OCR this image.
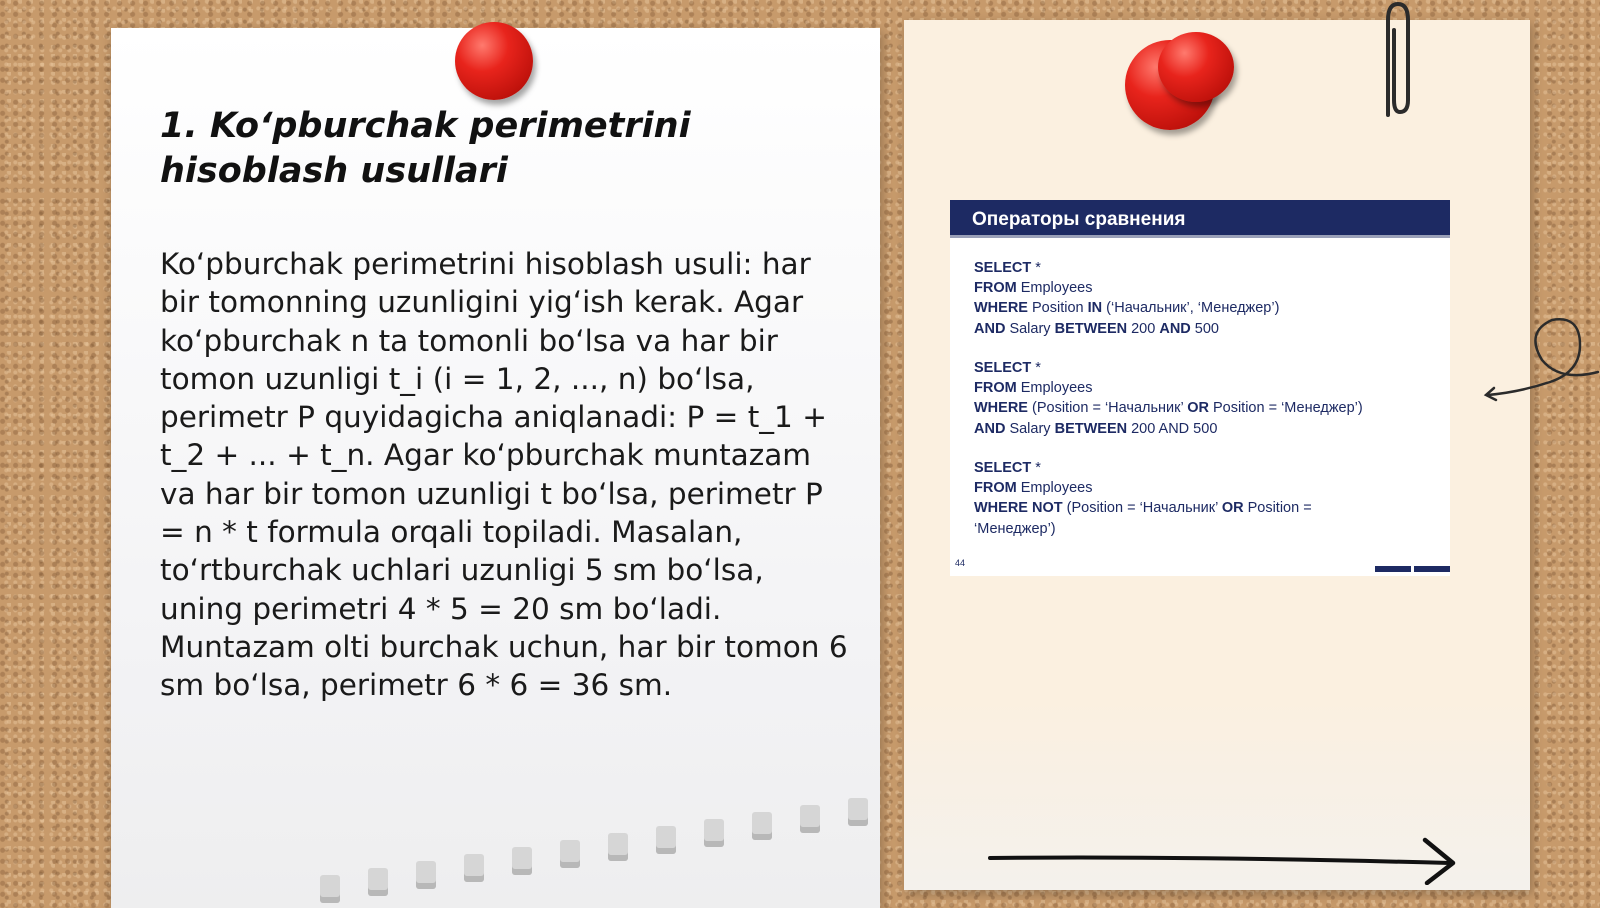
1. Ko‘pburchak perimetrini hisoblash usullari

Ko‘pburchak perimetrini hisoblash usuli: har bir tomonning uzunligini yig‘ish kerak. Agar ko‘pburchak n ta tomonli bo‘lsa va har bir tomon uzunligi t_i (i = 1, 2, ..., n) bo‘lsa, perimetr P quyidagicha aniqlanadi: P = t_1 + t_2 + ... + t_n. Agar ko‘pburchak muntazam va har bir tomon uzunligi t bo‘lsa, perimetr P = n * t formula orqali topiladi. Masalan, to‘rtburchak uchlari uzunligi 5 sm bo‘lsa, uning perimetri 4 * 5 = 20 sm bo‘ladi. Muntazam olti burchak uchun, har bir tomon 6 sm bo‘lsa, perimetr 6 * 6 = 36 sm.

Операторы сравнения
SELECT *
FROM Employees
WHERE Position IN (‘Начальник’, ‘Менеджер’)
AND Salary BETWEEN 200 AND 500
SELECT *
FROM Employees
WHERE (Position = ‘Начальник’ OR Position = ‘Менеджер’)
AND Salary BETWEEN 200 AND 500
SELECT *
FROM Employees
WHERE NOT (Position = ‘Начальник’ OR Position =
‘Менеджер’)
44
